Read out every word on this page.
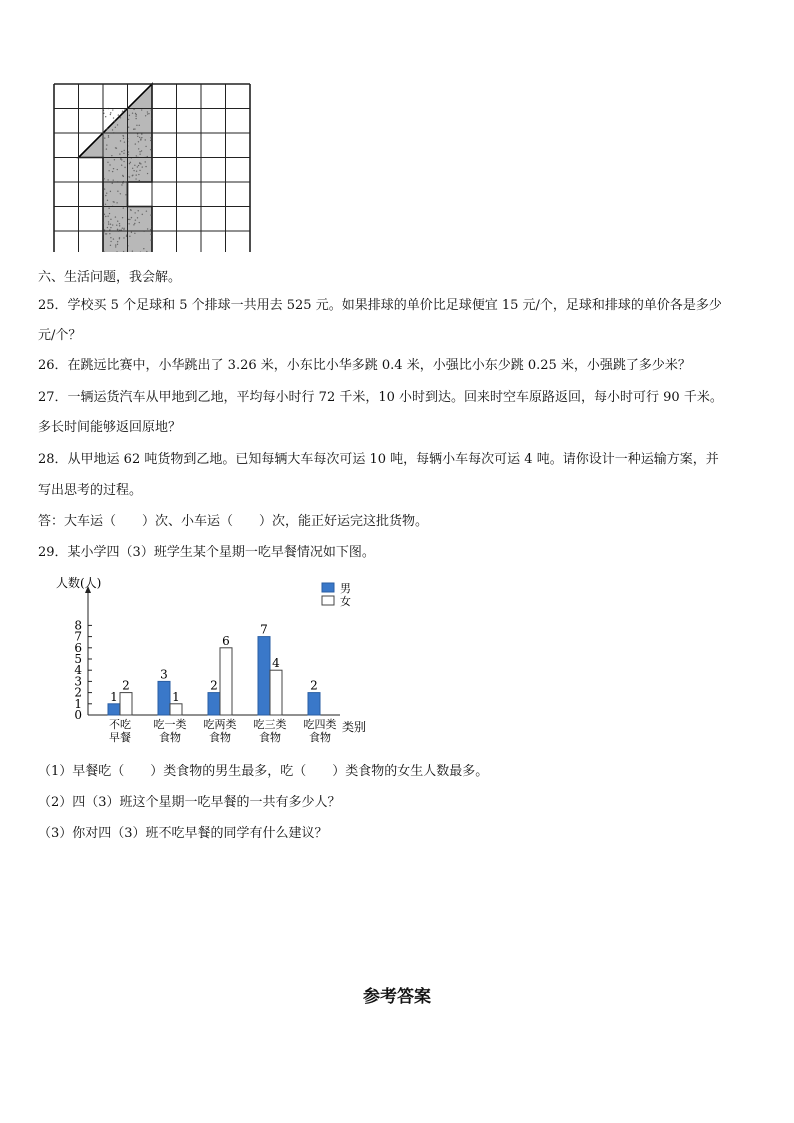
六、生活问题，我会解。
25．学校买 5 个足球和 5 个排球一共用去 525 元。如果排球的单价比足球便宜 15 元/个，足球和排球的单价各是多少
元/个？
26．在跳远比赛中，小华跳出了 3.26 米，小东比小华多跳 0.4 米，小强比小东少跳 0.25 米，小强跳了多少米？
27．一辆运货汽车从甲地到乙地，平均每小时行 72 千米，10 小时到达。回来时空车原路返回，每小时可行 90 千米。
多长时间能够返回原地？
28．从甲地运 62 吨货物到乙地。已知每辆大车每次可运 10 吨，每辆小车每次可运 4 吨。请你设计一种运输方案，并
写出思考的过程。
答：大车运（　　）次、小车运（　　）次，能正好运完这批货物。
29．某小学四（3）班学生某个星期一吃早餐情况如下图。
0
1
2
3
4
5
6
7
8
1
2
3
1
2
6
7
4
2
不吃
早餐
吃一类
食物
吃两类
食物
吃三类
食物
吃四类
食物
男
女
人数(人)
类别
（1）早餐吃（　　）类食物的男生最多，吃（　　）类食物的女生人数最多。
（2）四（3）班这个星期一吃早餐的一共有多少人？
（3）你对四（3）班不吃早餐的同学有什么建议？
参考答案
